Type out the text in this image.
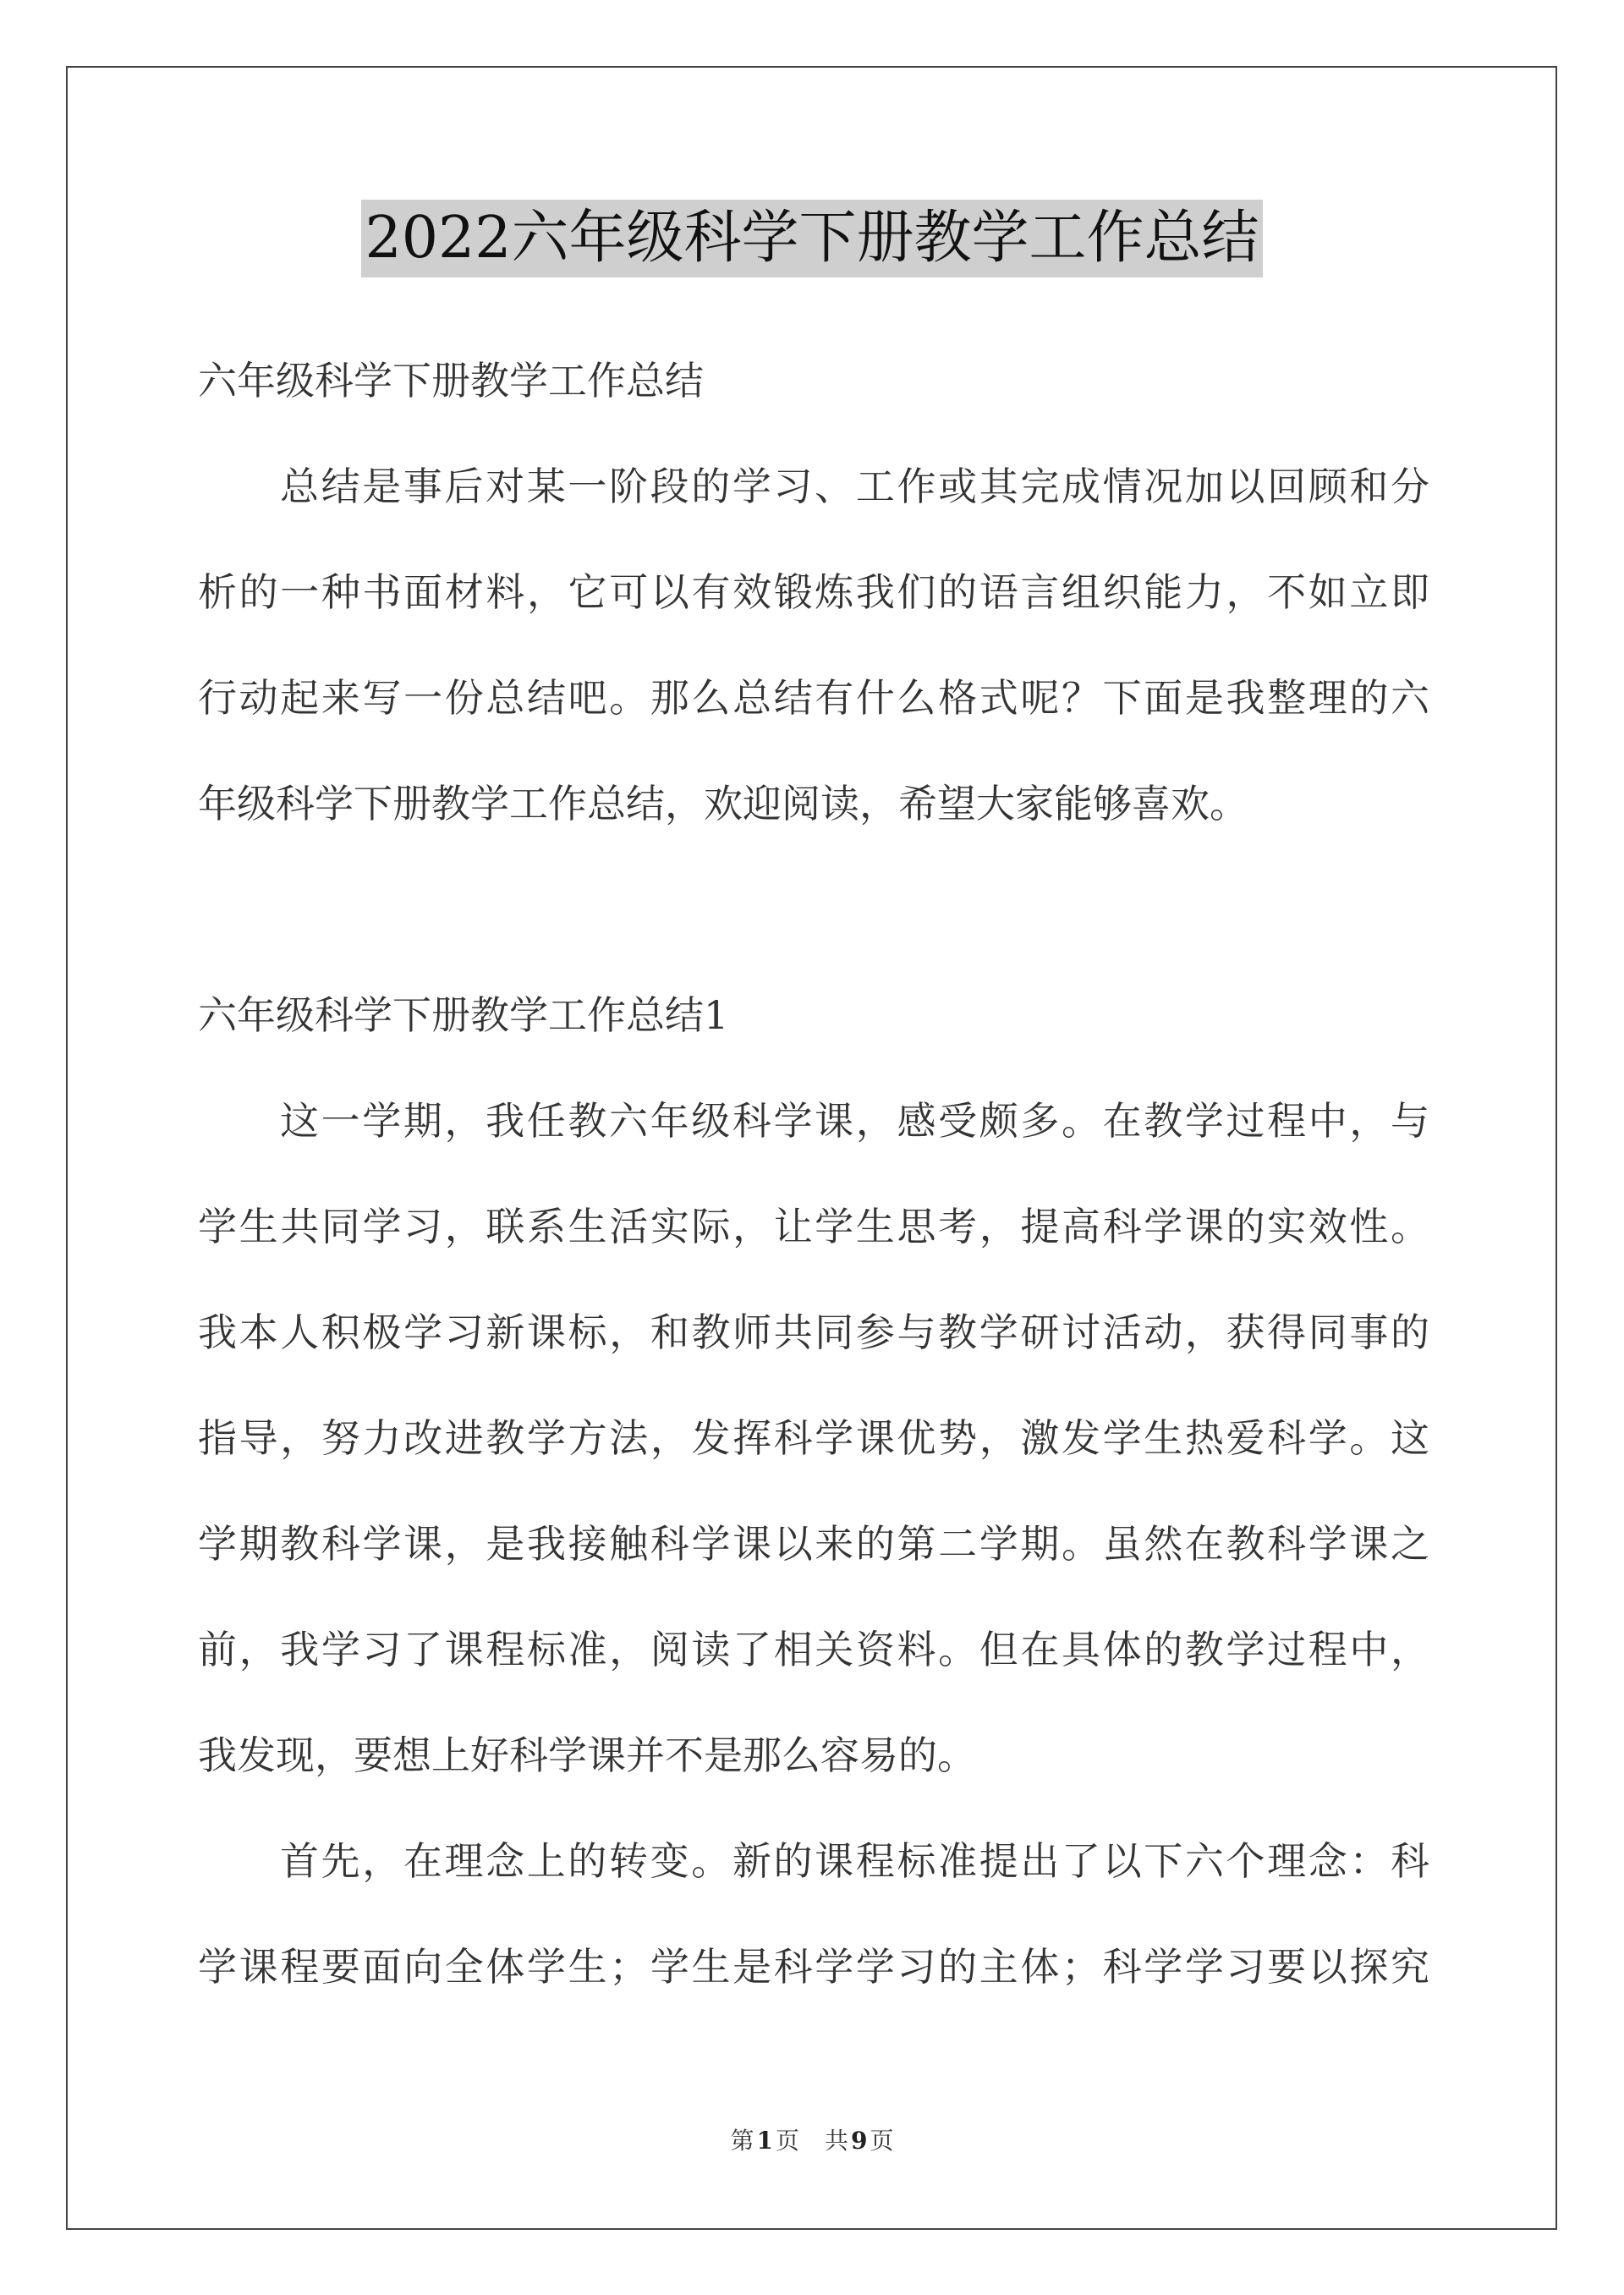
2022六年级科学下册教学工作总结
六年级科学下册教学工作总结
总结是事后对某一阶段的学习、工作或其完成情况加以回顾和分
析的一种书面材料，它可以有效锻炼我们的语言组织能力，不如立即
行动起来写一份总结吧。那么总结有什么格式呢？下面是我整理的六
年级科学下册教学工作总结，欢迎阅读，希望大家能够喜欢。
六年级科学下册教学工作总结1
这一学期，我任教六年级科学课，感受颇多。在教学过程中，与
学生共同学习，联系生活实际，让学生思考，提高科学课的实效性。
我本人积极学习新课标，和教师共同参与教学研讨活动，获得同事的
指导，努力改进教学方法，发挥科学课优势，激发学生热爱科学。这
学期教科学课，是我接触科学课以来的第二学期。虽然在教科学课之
前，我学习了课程标准，阅读了相关资料。但在具体的教学过程中，
我发现，要想上好科学课并不是那么容易的。
首先，在理念上的转变。新的课程标准提出了以下六个理念：科
学课程要面向全体学生；学生是科学学习的主体；科学学习要以探究
第 1 页 共 9 页
